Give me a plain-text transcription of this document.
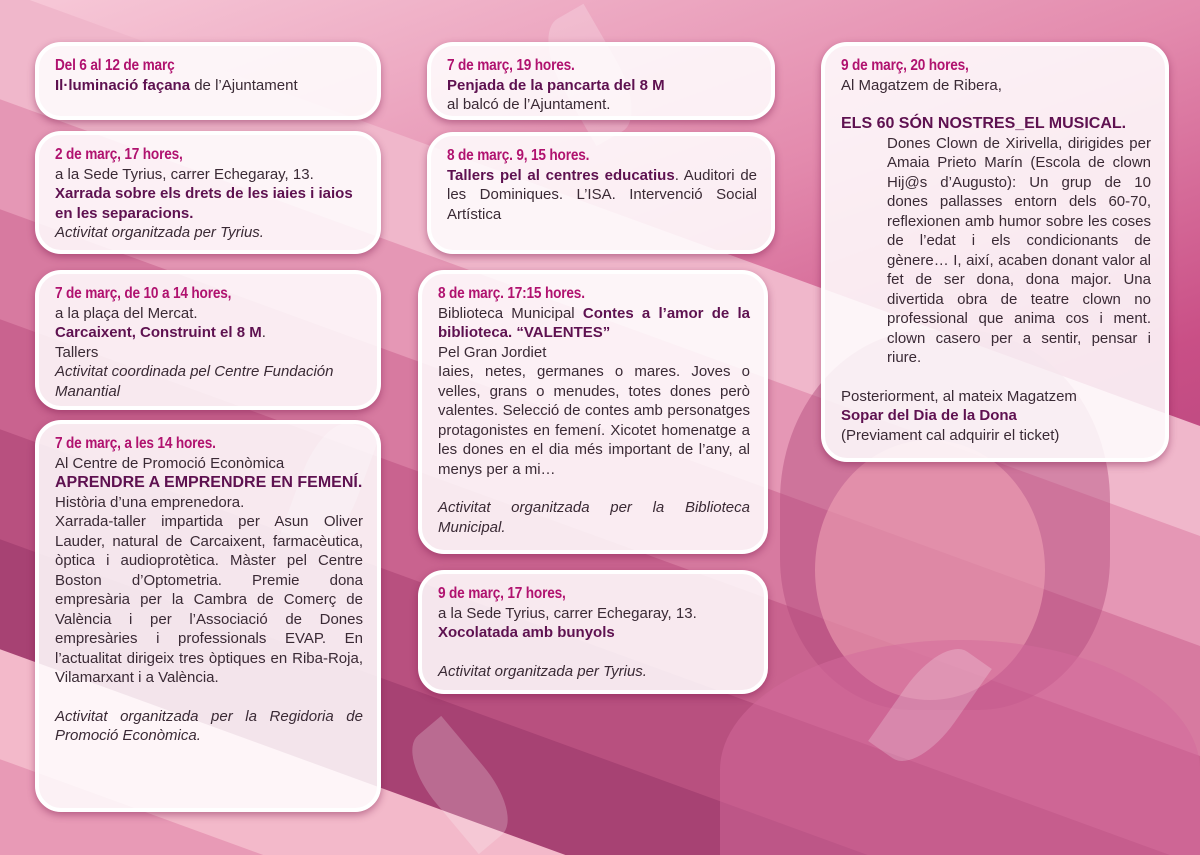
Del 6 al 12 de març
Il·luminació façana de l’Ajuntament
2 de març, 17 hores,
a la Sede Tyrius, carrer Echegaray, 13.
Xarrada sobre els drets de les iaies i iaios en les separacions.
Activitat organitzada per Tyrius.
7 de març, de 10 a 14 hores,
a la plaça del Mercat.
Carcaixent, Construint el 8 M.
Tallers
Activitat coordinada pel Centre Fundación Manantial
7 de març, a les 14 hores.
Al Centre de Promoció Econòmica
APRENDRE A EMPRENDRE EN FEMENÍ.
Història d’una emprenedora.
Xarrada-taller impartida per Asun Oliver Lauder, natural de Carcaixent, farmacèutica, òptica i audioprotètica. Màster pel Centre Boston d’Optometria. Premie dona empresària per la Cambra de Comerç de València i per l’Associació de Dones empresàries i professionals EVAP. En l’actualitat dirigeix tres òptiques en Riba-Roja, Vilamarxant i a València.
Activitat organitzada per la Regidoria de Promoció Econòmica.
7 de març, 19 hores.
Penjada de la pancarta del 8 M
al balcó de l’Ajuntament.
8 de març. 9, 15 hores.
Tallers pel al centres educatius. Auditori de les Dominiques. L’ISA. Intervenció Social Artística
8 de març. 17:15 hores.
Biblioteca Municipal Contes a l’amor de la biblioteca. “VALENTES”
Pel Gran Jordiet
Iaies, netes, germanes o mares. Joves o velles, grans o menudes, totes dones però valentes. Selecció de contes amb personatges protagonistes en femení. Xicotet homenatge a les dones en el dia més important de l’any, al menys per a mi…
Activitat organitzada per la Biblioteca Municipal.
9 de març, 17 hores,
a la Sede Tyrius, carrer Echegaray, 13.
Xocolatada amb bunyols
Activitat organitzada per Tyrius.
9 de març, 20 hores,
Al Magatzem de Ribera,
ELS 60 SÓN NOSTRES_EL MUSICAL.
Dones Clown de Xirivella, dirigides per Amaia Prieto Marín (Escola de clown Hij@s d’Augusto): Un grup de 10 dones pallasses entorn dels 60-70, reflexionen amb humor sobre les coses de l’edat i els condicionants de gènere… I, així, acaben donant valor al fet de ser dona, dona major. Una divertida obra de teatre clown no professional que anima cos i ment. clown casero per a sentir, pensar i riure.
Posteriorment, al mateix Magatzem
Sopar del Dia de la Dona
(Previament cal adquirir el ticket)
